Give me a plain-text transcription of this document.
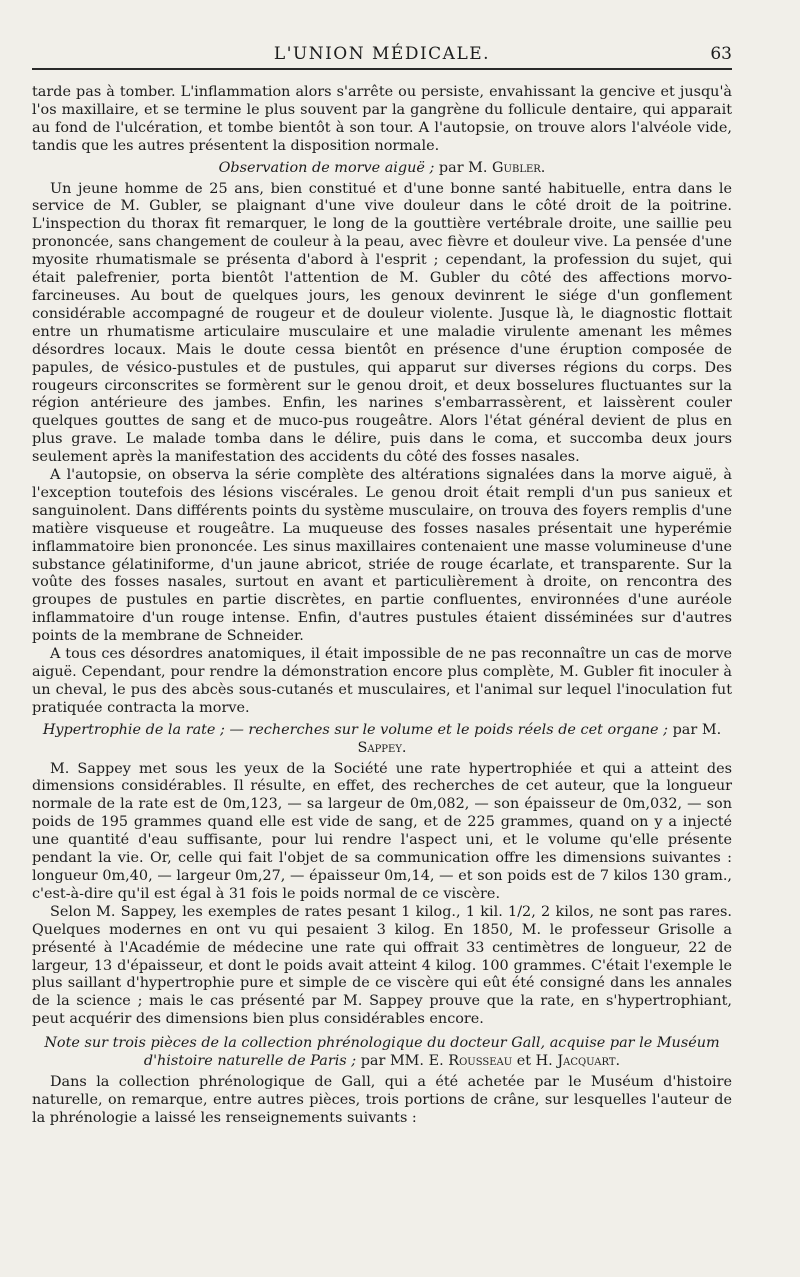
L'UNION MÉDICALE.	63

tarde pas à tomber. L'inflammation alors s'arrête ou persiste, envahissant la gencive et jusqu'à l'os maxillaire, et se termine le plus souvent par la gangrène du follicule dentaire, qui apparait au fond de l'ulcération, et tombe bientôt à son tour. A l'autopsie, on trouve alors l'alvéole vide, tandis que les autres présentent la disposition normale.

Observation de morve aiguë ; par M. Gubler.

Un jeune homme de 25 ans, bien constitué et d'une bonne santé habituelle, entra dans le service de M. Gubler, se plaignant d'une vive douleur dans le côté droit de la poitrine. L'inspection du thorax fit remarquer, le long de la gouttière vertébrale droite, une saillie peu prononcée, sans changement de couleur à la peau, avec fièvre et douleur vive. La pensée d'une myosite rhumatismale se présenta d'abord à l'esprit ; cependant, la profession du sujet, qui était palefrenier, porta bientôt l'attention de M. Gubler du côté des affections morvo-farcineuses. Au bout de quelques jours, les genoux devinrent le siége d'un gonflement considérable accompagné de rougeur et de douleur violente. Jusque là, le diagnostic flottait entre un rhumatisme articulaire musculaire et une maladie virulente amenant les mêmes désordres locaux. Mais le doute cessa bientôt en présence d'une éruption composée de papules, de vésico-pustules et de pustules, qui apparut sur diverses régions du corps. Des rougeurs circonscrites se formèrent sur le genou droit, et deux bosselures fluctuantes sur la région antérieure des jambes. Enfin, les narines s'embarrassèrent, et laissèrent couler quelques gouttes de sang et de muco-pus rougeâtre. Alors l'état général devient de plus en plus grave. Le malade tomba dans le délire, puis dans le coma, et succomba deux jours seulement après la manifestation des accidents du côté des fosses nasales.

A l'autopsie, on observa la série complète des altérations signalées dans la morve aiguë, à l'exception toutefois des lésions viscérales. Le genou droit était rempli d'un pus sanieux et sanguinolent. Dans différents points du système musculaire, on trouva des foyers remplis d'une matière visqueuse et rougeâtre. La muqueuse des fosses nasales présentait une hyperémie inflammatoire bien prononcée. Les sinus maxillaires contenaient une masse volumineuse d'une substance gélatiniforme, d'un jaune abricot, striée de rouge écarlate, et transparente. Sur la voûte des fosses nasales, surtout en avant et particulièrement à droite, on rencontra des groupes de pustules en partie discrètes, en partie confluentes, environnées d'une auréole inflammatoire d'un rouge intense. Enfin, d'autres pustules étaient disséminées sur d'autres points de la membrane de Schneider.

A tous ces désordres anatomiques, il était impossible de ne pas reconnaître un cas de morve aiguë. Cependant, pour rendre la démonstration encore plus complète, M. Gubler fit inoculer à un cheval, le pus des abcès sous-cutanés et musculaires, et l'animal sur lequel l'inoculation fut pratiquée contracta la morve.

Hypertrophie de la rate ; — recherches sur le volume et le poids réels de cet organe ; par M. Sappey.

M. Sappey met sous les yeux de la Société une rate hypertrophiée et qui a atteint des dimensions considérables. Il résulte, en effet, des recherches de cet auteur, que la longueur normale de la rate est de 0m,123, — sa largeur de 0m,082, — son épaisseur de 0m,032, — son poids de 195 grammes quand elle est vide de sang, et de 225 grammes, quand on y a injecté une quantité d'eau suffisante, pour lui rendre l'aspect uni, et le volume qu'elle présente pendant la vie. Or, celle qui fait l'objet de sa communication offre les dimensions suivantes : longueur 0m,40, — largeur 0m,27, — épaisseur 0m,14, — et son poids est de 7 kilos 130 gram., c'est-à-dire qu'il est égal à 31 fois le poids normal de ce viscère.

Selon M. Sappey, les exemples de rates pesant 1 kilog., 1 kil. 1/2, 2 kilos, ne sont pas rares. Quelques modernes en ont vu qui pesaient 3 kilog. En 1850, M. le professeur Grisolle a présenté à l'Académie de médecine une rate qui offrait 33 centimètres de longueur, 22 de largeur, 13 d'épaisseur, et dont le poids avait atteint 4 kilog. 100 grammes. C'était l'exemple le plus saillant d'hypertrophie pure et simple de ce viscère qui eût été consigné dans les annales de la science ; mais le cas présenté par M. Sappey prouve que la rate, en s'hypertrophiant, peut acquérir des dimensions bien plus considérables encore.

Note sur trois pièces de la collection phrénologique du docteur Gall, acquise par le Muséum
d'histoire naturelle de Paris ; par MM. E. Rousseau et H. Jacquart.

Dans la collection phrénologique de Gall, qui a été achetée par le Muséum d'histoire naturelle, on remarque, entre autres pièces, trois portions de crâne, sur lesquelles l'auteur de la phrénologie a laissé les renseignements suivants :
